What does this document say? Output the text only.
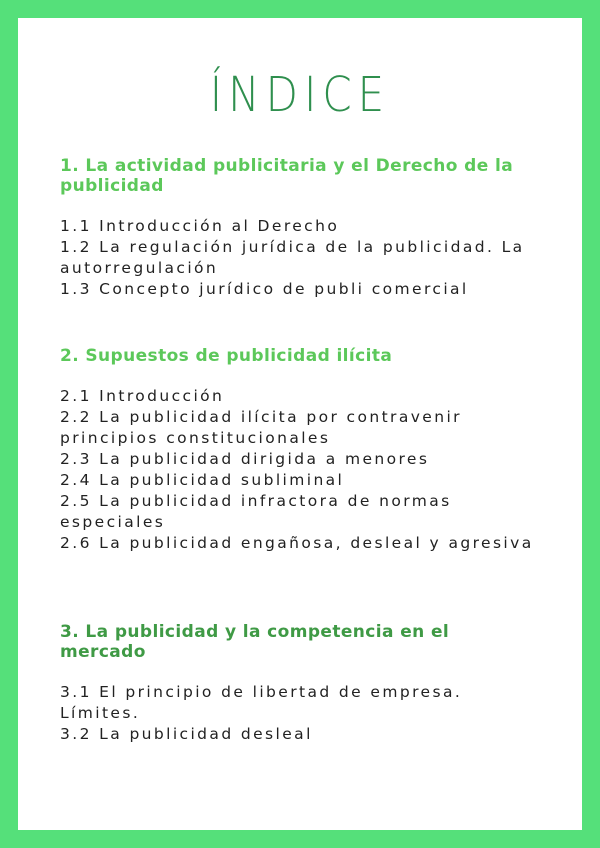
ÍNDICE

1. La actividad publicitaria y el Derecho de la publicidad

1.1 Introducción al Derecho

1.2 La regulación jurídica de la publicidad. La autorregulación

1.3 Concepto jurídico de publi comercial

2. Supuestos de publicidad ilícita

2.1 Introducción

2.2 La publicidad ilícita por contravenir principios constitucionales

2.3 La publicidad dirigida a menores

2.4 La publicidad subliminal

2.5 La publicidad infractora de normas especiales

2.6 La publicidad engañosa, desleal y agresiva

3. La publicidad y la competencia en el mercado

3.1 El principio de libertad de empresa. Límites.

3.2 La publicidad desleal
